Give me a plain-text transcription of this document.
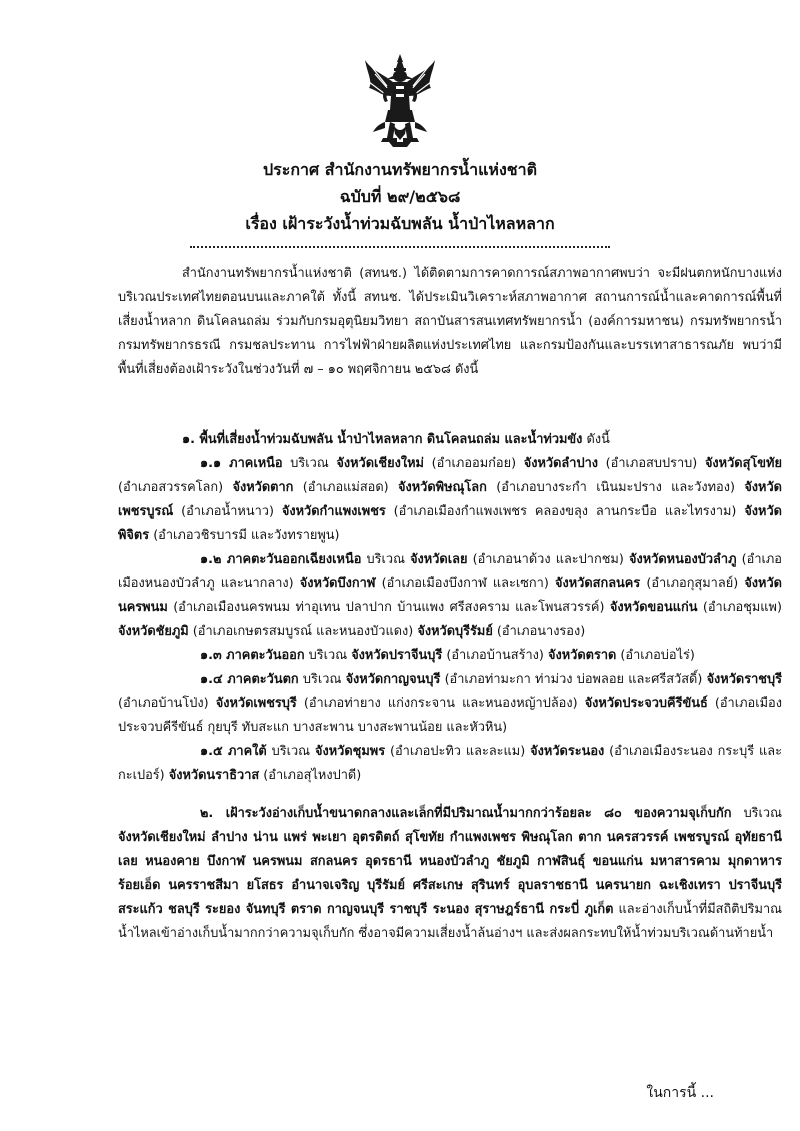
ประกาศ สำนักงานทรัพยากรน้ำแห่งชาติ
ฉบับที่ ๒๙/๒๕๖๘
เรื่อง เฝ้าระวังน้ำท่วมฉับพลัน น้ำป่าไหลหลาก
สำนักงานทรัพยากรน้ำแห่งชาติ (สทนช.) ได้ติดตามการคาดการณ์สภาพอากาศพบว่า จะมีฝนตกหนักบางแห่งบริเวณประเทศไทยตอนบนและภาคใต้ ทั้งนี้ สทนช. ได้ประเมินวิเคราะห์สภาพอากาศ สถานการณ์น้ำและคาดการณ์พื้นที่เสี่ยงน้ำหลาก ดินโคลนถล่ม ร่วมกับกรมอุตุนิยมวิทยา สถาบันสารสนเทศทรัพยากรน้ำ (องค์การมหาชน) กรมทรัพยากรน้ำ กรมทรัพยากรธรณี กรมชลประทาน การไฟฟ้าฝ่ายผลิตแห่งประเทศไทย และกรมป้องกันและบรรเทาสาธารณภัย พบว่ามีพื้นที่เสี่ยงต้องเฝ้าระวังในช่วงวันที่ ๗ – ๑๐ พฤศจิกายน ๒๕๖๘ ดังนี้
๑. พื้นที่เสี่ยงน้ำท่วมฉับพลัน น้ำป่าไหลหลาก ดินโคลนถล่ม และน้ำท่วมขัง ดังนี้
๑.๑ ภาคเหนือ บริเวณ จังหวัดเชียงใหม่ (อำเภออมก๋อย) จังหวัดลำปาง (อำเภอสบปราบ) จังหวัดสุโขทัย (อำเภอสวรรคโลก) จังหวัดตาก (อำเภอแม่สอด) จังหวัดพิษณุโลก (อำเภอบางระกำ เนินมะปราง และวังทอง) จังหวัดเพชรบูรณ์ (อำเภอน้ำหนาว) จังหวัดกำแพงเพชร (อำเภอเมืองกำแพงเพชร คลองขลุง ลานกระบือ และไทรงาม) จังหวัดพิจิตร (อำเภอวชิรบารมี และวังทรายพูน)
๑.๒ ภาคตะวันออกเฉียงเหนือ บริเวณ จังหวัดเลย (อำเภอนาด้วง และปากชม) จังหวัดหนองบัวลำภู (อำเภอเมืองหนองบัวลำภู และนากลาง) จังหวัดบึงกาฬ (อำเภอเมืองบึงกาฬ และเซกา) จังหวัดสกลนคร (อำเภอกุสุมาลย์) จังหวัดนครพนม (อำเภอเมืองนครพนม ท่าอุเทน ปลาปาก บ้านแพง ศรีสงคราม และโพนสวรรค์) จังหวัดขอนแก่น (อำเภอชุมแพ) จังหวัดชัยภูมิ (อำเภอเกษตรสมบูรณ์ และหนองบัวแดง) จังหวัดบุรีรัมย์ (อำเภอนางรอง)
๑.๓ ภาคตะวันออก บริเวณ จังหวัดปราจีนบุรี (อำเภอบ้านสร้าง) จังหวัดตราด (อำเภอบ่อไร่)
๑.๔ ภาคตะวันตก บริเวณ จังหวัดกาญจนบุรี (อำเภอท่ามะกา ท่าม่วง บ่อพลอย และศรีสวัสดิ์) จังหวัดราชบุรี (อำเภอบ้านโป่ง) จังหวัดเพชรบุรี (อำเภอท่ายาง แก่งกระจาน และหนองหญ้าปล้อง) จังหวัดประจวบคีรีขันธ์ (อำเภอเมืองประจวบคีรีขันธ์ กุยบุรี ทับสะแก บางสะพาน บางสะพานน้อย และหัวหิน)
๑.๕ ภาคใต้ บริเวณ จังหวัดชุมพร (อำเภอปะทิว และละแม) จังหวัดระนอง (อำเภอเมืองระนอง กระบุรี และกะเปอร์) จังหวัดนราธิวาส (อำเภอสุไหงปาดี)
๒. เฝ้าระวังอ่างเก็บน้ำขนาดกลางและเล็กที่มีปริมาณน้ำมากกว่าร้อยละ ๘๐ ของความจุเก็บกัก บริเวณ จังหวัดเชียงใหม่ ลำปาง น่าน แพร่ พะเยา อุตรดิตถ์ สุโขทัย กำแพงเพชร พิษณุโลก ตาก นครสวรรค์ เพชรบูรณ์ อุทัยธานี เลย หนองคาย บึงกาฬ นครพนม สกลนคร อุดรธานี หนองบัวลำภู ชัยภูมิ กาฬสินธุ์ ขอนแก่น มหาสารคาม มุกดาหาร ร้อยเอ็ด นครราชสีมา ยโสธร อำนาจเจริญ บุรีรัมย์ ศรีสะเกษ สุรินทร์ อุบลราชธานี นครนายก ฉะเชิงเทรา ปราจีนบุรี สระแก้ว ชลบุรี ระยอง จันทบุรี ตราด กาญจนบุรี ราชบุรี ระนอง สุราษฎร์ธานี กระบี่ ภูเก็ต และอ่างเก็บน้ำที่มีสถิติปริมาณน้ำไหลเข้าอ่างเก็บน้ำมากกว่าความจุเก็บกัก ซึ่งอาจมีความเสี่ยงน้ำล้นอ่างฯ และส่งผลกระทบให้น้ำท่วมบริเวณด้านท้ายน้ำ
ในการนี้ ...
